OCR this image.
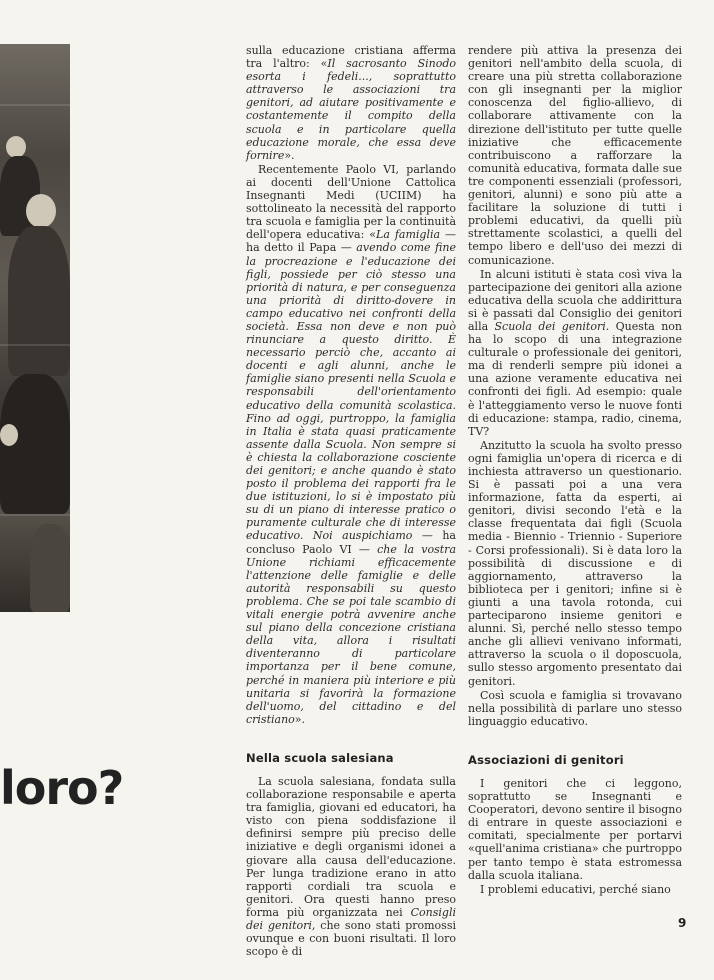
loro?

sulla educazione cristiana afferma tra l'altro: «Il sacrosanto Sinodo esorta i fedeli..., soprattutto attraverso le associazioni tra genitori, ad aiutare positivamente e costantemente il compito della scuola e in particolare quella educazione morale, che essa deve fornire».

Recentemente Paolo VI, parlando ai docenti dell'Unione Cattolica Insegnanti Medi (UCIIM) ha sottolineato la necessità del rapporto tra scuola e famiglia per la continuità dell'opera educativa: «La famiglia — ha detto il Papa — avendo come fine la procreazione e l'educazione dei figli, possiede per ciò stesso una priorità di natura, e per conseguenza una priorità di diritto-dovere in campo educativo nei confronti della società. Essa non deve e non può rinunciare a questo diritto. È necessario perciò che, accanto ai docenti e agli alunni, anche le famiglie siano presenti nella Scuola e responsabili dell'orientamento educativo della comunità scolastica. Fino ad oggi, purtroppo, la famiglia in Italia è stata quasi praticamente assente dalla Scuola. Non sempre si è chiesta la collaborazione cosciente dei genitori; e anche quando è stato posto il problema dei rapporti fra le due istituzioni, lo si è impostato più su di un piano di interesse pratico o puramente culturale che di interesse educativo. Noi auspichiamo — ha concluso Paolo VI — che la vostra Unione richiami efficacemente l'attenzione delle famiglie e delle autorità responsabili su questo problema. Che se poi tale scambio di vitali energie potrà avvenire anche sul piano della concezione cristiana della vita, allora i risultati diventeranno di particolare importanza per il bene comune, perché in maniera più interiore e più unitaria si favorirà la formazione dell'uomo, del cittadino e del cristiano».

Nella scuola salesiana

La scuola salesiana, fondata sulla collaborazione responsabile e aperta tra famiglia, giovani ed educatori, ha visto con piena soddisfazione il definirsi sempre più preciso delle iniziative e degli organismi idonei a giovare alla causa dell'educazione. Per lunga tradizione erano in atto rapporti cordiali tra scuola e genitori. Ora questi hanno preso forma più organizzata nei Consigli dei genitori, che sono stati promossi ovunque e con buoni risultati. Il loro scopo è di

rendere più attiva la presenza dei genitori nell'ambito della scuola, di creare una più stretta collaborazione con gli insegnanti per la miglior conoscenza del figlio-allievo, di collaborare attivamente con la direzione dell'istituto per tutte quelle iniziative che efficacemente contribuiscono a rafforzare la comunità educativa, formata dalle sue tre componenti essenziali (professori, genitori, alunni) e sono più atte a facilitare la soluzione di tutti i problemi educativi, da quelli più strettamente scolastici, a quelli del tempo libero e dell'uso dei mezzi di comunicazione.

In alcuni istituti è stata così viva la partecipazione dei genitori alla azione educativa della scuola che addirittura si è passati dal Consiglio dei genitori alla Scuola dei genitori. Questa non ha lo scopo di una integrazione culturale o professionale dei genitori, ma di renderli sempre più idonei a una azione veramente educativa nei confronti dei figli. Ad esempio: quale è l'atteggiamento verso le nuove fonti di educazione: stampa, radio, cinema, TV?

Anzitutto la scuola ha svolto presso ogni famiglia un'opera di ricerca e di inchiesta attraverso un questionario. Si è passati poi a una vera informazione, fatta da esperti, ai genitori, divisi secondo l'età e la classe frequentata dai figli (Scuola media - Biennio - Triennio - Superiore - Corsi professionali). Si è data loro la possibilità di discussione e di aggiornamento, attraverso la biblioteca per i genitori; infine si è giunti a una tavola rotonda, cui parteciparono insieme genitori e alunni. Sì, perché nello stesso tempo anche gli allievi venivano informati, attraverso la scuola o il doposcuola, sullo stesso argomento presentato dai genitori.

Così scuola e famiglia si trovavano nella possibilità di parlare uno stesso linguaggio educativo.

Associazioni di genitori

I genitori che ci leggono, soprattutto se Insegnanti e Cooperatori, devono sentire il bisogno di entrare in queste associazioni e comitati, specialmente per portarvi «quell'anima cristiana» che purtroppo per tanto tempo è stata estromessa dalla scuola italiana.

I problemi educativi, perché siano

9
